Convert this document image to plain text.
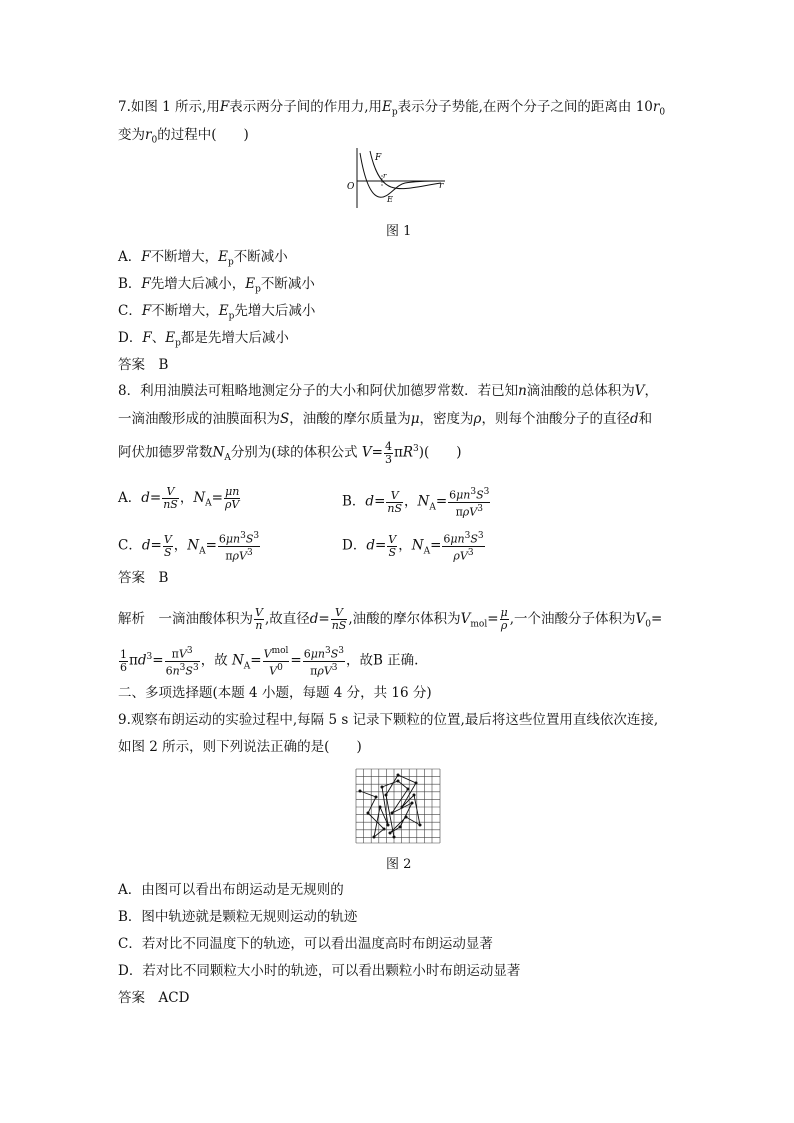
7.如图 1 所示,用F表示两分子间的作用力,用$E_p$表示分子势能,在两个分子之间的距离由 $10r_0$
变为$r_0$的过程中(　　)
O
F
r
E
r
图 1
A．F不断增大，$E_p$不断减小
B．F先增大后减小，$E_p$不断减小
C．F不断增大，$E_p$先增大后减小
D．F、$E_p$都是先增大后减小
答案　B
8．利用油膜法可粗略地测定分子的大小和阿伏加德罗常数．若已知n滴油酸的总体积为V，
一滴油酸形成的油膜面积为S，油酸的摩尔质量为μ，密度为ρ，则每个油酸分子的直径d和
阿伏加德罗常数$N_A$分别为(球的体积公式 $V= \frac{4}{3} \pi R^3$)(　　)
A．$d= \frac{V}{nS}$ ，$N_A= \frac{\mu n}{\rho V}$	B．$d= \frac{V}{nS}$ ，$N_A= \frac{6\mu n^3S^3}{\pi\rho V^3}$
C．$d= \frac{V}{S}$ ，$N_A= \frac{6\mu n^3S^3}{\pi\rho V^3}$	D．$d= \frac{V}{S}$ ，$N_A= \frac{6\mu n^3S^3}{\rho V^3}$
答案　B
解析　 一滴油酸体积为 $\frac{V}{n}$ ,故直径$d= \frac{V}{nS}$ ,油酸的摩尔体积为$V_{mol}= \frac{\mu}{\rho}$ ,一个油酸分子体积为$V_0=$
$\frac{1}{6} \pi d^3= \frac{\pi V^3}{6n^3S^3}$ ，故 $N_A= \frac{V^{mol}}{V^0} = \frac{6\mu n^3S^3}{\pi\rho V^3}$ ，故B 正确.
二、多项选择题(本题 4 小题，每题 4 分，共 16 分)
9.观察布朗运动的实验过程中,每隔 5 s 记录下颗粒的位置,最后将这些位置用直线依次连接,
如图 2 所示，则下列说法正确的是(　　)
图 2
A．由图可以看出布朗运动是无规则的
B．图中轨迹就是颗粒无规则运动的轨迹
C．若对比不同温度下的轨迹，可以看出温度高时布朗运动显著
D．若对比不同颗粒大小时的轨迹，可以看出颗粒小时布朗运动显著
答案　ACD
